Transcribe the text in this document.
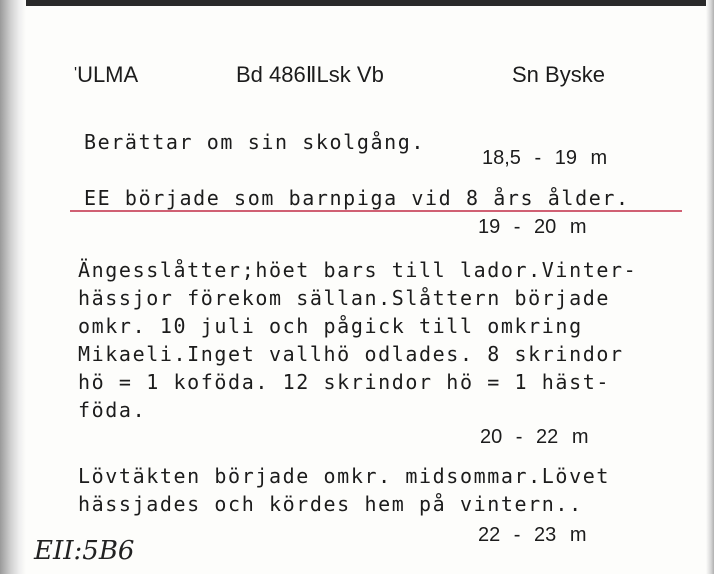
'ULMA	Bd 486ⅡLsk Vb	Sn Byske
Berättar om sin skolgång.
18,5 - 19 m
EE började som barnpiga vid 8 års ålder.
19 - 20 m
Ängesslåtter;höet bars till lador.Vinter-
hässjor förekom sällan.Slåttern började
omkr. 10 juli och pågick till omkring
Mikaeli.Inget vallhö odlades. 8 skrindor
hö = 1 koföda. 12 skrindor hö = 1 häst-
föda.
20 - 22 m
Lövtäkten började omkr. midsommar.Lövet
hässjades och kördes hem på vintern..
22 - 23 m
EII:5B6
